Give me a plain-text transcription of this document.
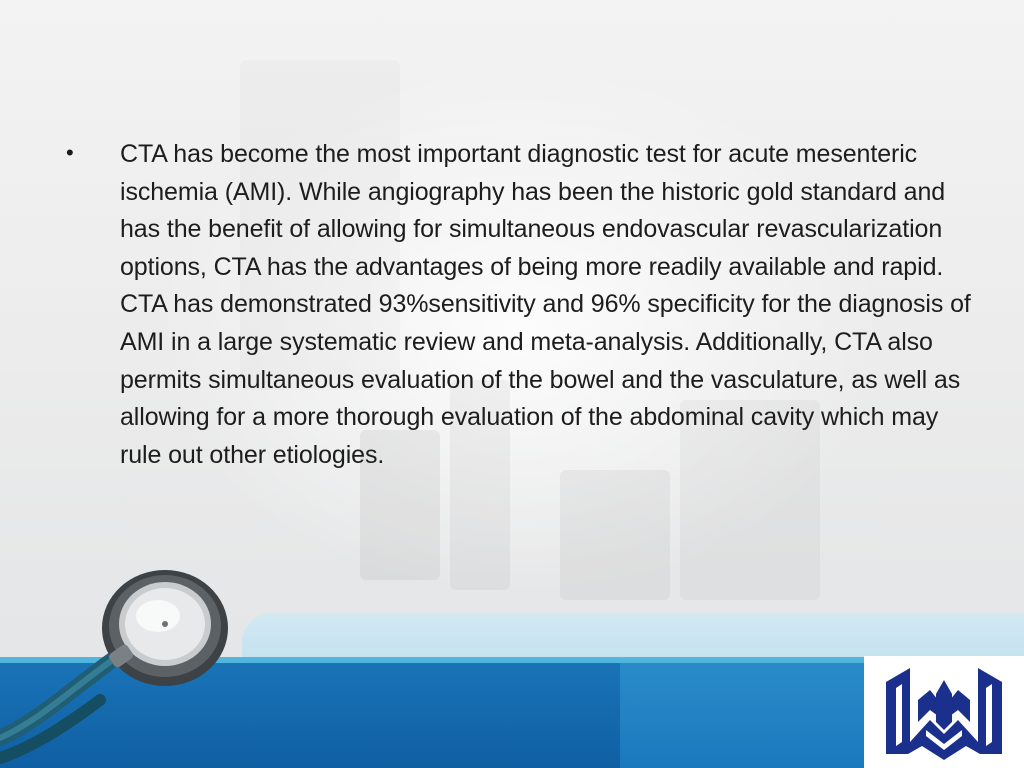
• CTA has become the most important diagnostic test for acute mesenteric ischemia (AMI). While angiography has been the historic gold standard and has the benefit of allowing for simultaneous endovascular revascularization options, CTA has the advantages of being more readily available and rapid. CTA has demonstrated 93%sensitivity and 96% specificity for the diagnosis of AMI in a large systematic review and meta-analysis. Additionally, CTA also permits simultaneous evaluation of the bowel and the vasculature, as well as allowing for a more thorough evaluation of the abdominal cavity which may rule out other etiologies.
